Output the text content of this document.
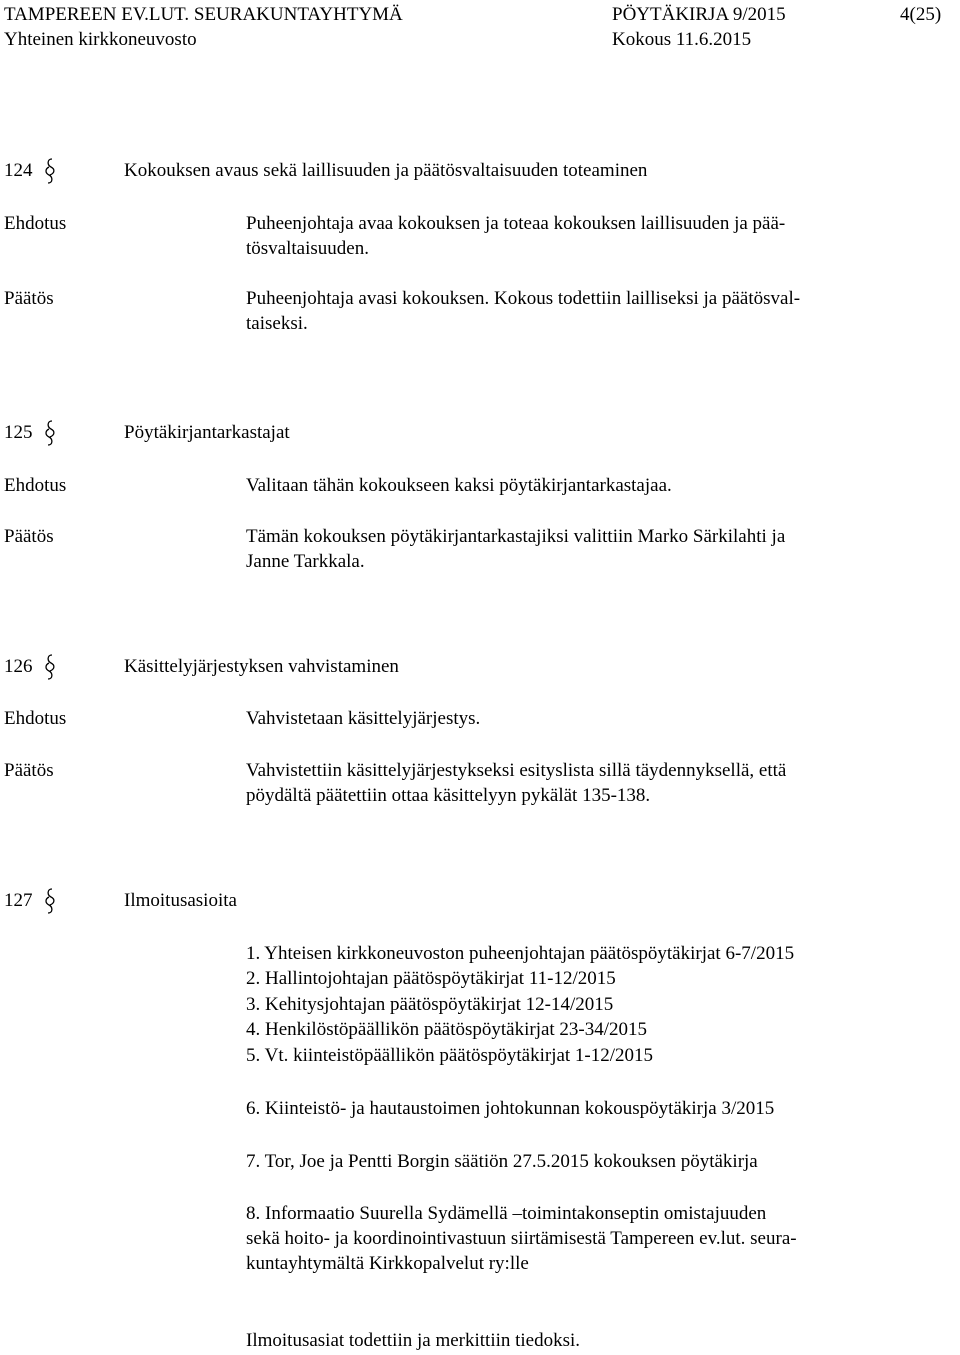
TAMPEREEN EV.LUT. SEURAKUNTAYHTYMÄ
Yhteinen kirkkoneuvosto
PÖYTÄKIRJA 9/2015
Kokous 11.6.2015
4(25)
124	Kokouksen avaus sekä laillisuuden ja päätösvaltaisuuden toteaminen
Ehdotus	Puheenjohtaja avaa kokouksen ja toteaa kokouksen laillisuuden ja pää-
tösvaltaisuuden.
Päätös	Puheenjohtaja avasi kokouksen. Kokous todettiin lailliseksi ja päätösval-
taiseksi.
125	Pöytäkirjantarkastajat
Ehdotus	Valitaan tähän kokoukseen kaksi pöytäkirjantarkastajaa.
Päätös	Tämän kokouksen pöytäkirjantarkastajiksi valittiin Marko Särkilahti ja
Janne Tarkkala.
126	Käsittelyjärjestyksen vahvistaminen
Ehdotus	Vahvistetaan käsittelyjärjestys.
Päätös	Vahvistettiin käsittelyjärjestykseksi esityslista sillä täydennyksellä, että
pöydältä päätettiin ottaa käsittelyyn pykälät 135-138.
127	Ilmoitusasioita
1. Yhteisen kirkkoneuvoston puheenjohtajan päätöspöytäkirjat 6-7/2015
2. Hallintojohtajan päätöspöytäkirjat 11-12/2015
3. Kehitysjohtajan päätöspöytäkirjat 12-14/2015
4. Henkilöstöpäällikön päätöspöytäkirjat 23-34/2015
5. Vt. kiinteistöpäällikön päätöspöytäkirjat 1-12/2015
6. Kiinteistö- ja hautaustoimen johtokunnan kokouspöytäkirja 3/2015
7. Tor, Joe ja Pentti Borgin säätiön 27.5.2015 kokouksen pöytäkirja
8. Informaatio Suurella Sydämellä –toimintakonseptin omistajuuden
sekä hoito- ja koordinointivastuun siirtämisestä Tampereen ev.lut. seura-
kuntayhtymältä Kirkkopalvelut ry:lle
Ilmoitusasiat todettiin ja merkittiin tiedoksi.
